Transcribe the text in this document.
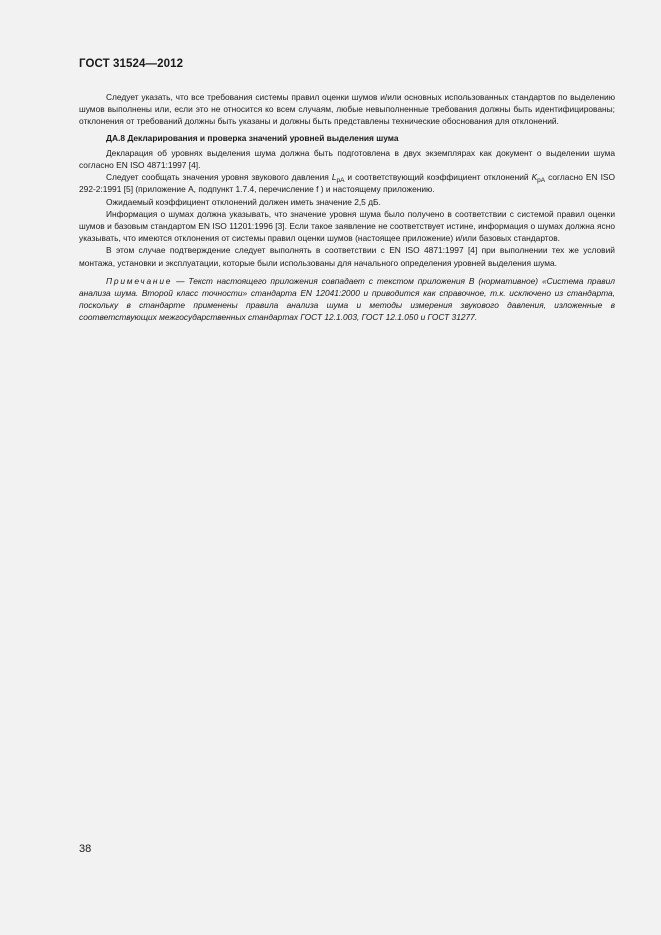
ГОСТ 31524—2012

Следует указать, что все требования системы правил оценки шумов и/или основных использованных стандартов по выделению шумов выполнены или, если это не относится ко всем случаям, любые невыполненные требования должны быть идентифицированы; отклонения от требований должны быть указаны и должны быть представлены технические обоснования для отклонений.

ДА.8 Декларирования и проверка значений уровней выделения шума

Декларация об уровнях выделения шума должна быть подготовлена в двух экземплярах как документ о выделении шума согласно EN ISO 4871:1997 [4].

Следует сообщать значения уровня звукового давления $L_{pA}$ и соответствующий коэффициент отклонений $K_{pA}$ согласно EN ISO 292-2:1991 [5] (приложение А, подпункт 1.7.4, перечисление f ) и настоящему приложению.

Ожидаемый коэффициент отклонений должен иметь значение 2,5 дБ.

Информация о шумах должна указывать, что значение уровня шума было получено в соответствии с системой правил оценки шумов и базовым стандартом EN ISO 11201:1996 [3]. Если такое заявление не соответствует истине, информация о шумах должна ясно указывать, что имеются отклонения от системы правил оценки шумов (настоящее приложение) и/или базовых стандартов.

В этом случае подтверждение следует выполнять в соответствии с EN ISO 4871:1997 [4] при выполнении тех же условий монтажа, установки и эксплуатации, которые были использованы для начального определения уровней выделения шума.

Примечание — Текст настоящего приложения совпадает с текстом приложения В (нормативное) «Система правил анализа шума. Второй класс точности» стандарта EN 12041:2000 и приводится как справочное, т.к. исключено из стандарта, поскольку в стандарте применены правила анализа шума и методы измерения звукового давления, изложенные в соответствующих межгосударственных стандартах ГОСТ 12.1.003, ГОСТ 12.1.050 и ГОСТ 31277.

38
